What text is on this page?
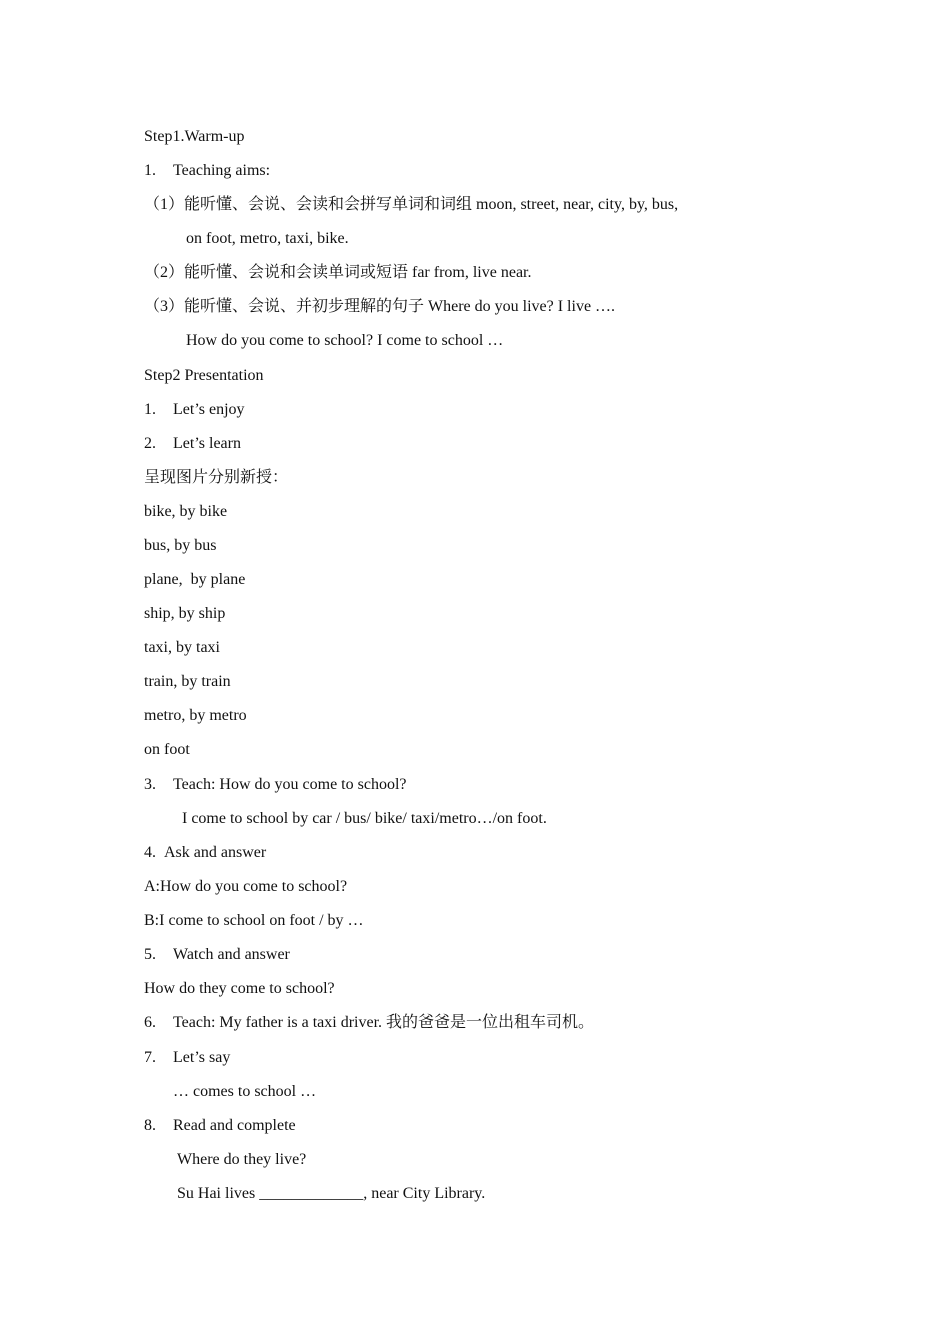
Step1.Warm-up
1. Teaching aims:
（1）能听懂、会说、会读和会拼写单词和词组 moon, street, near, city, by, bus,
on foot, metro, taxi, bike.
（2）能听懂、会说和会读单词或短语 far from, live near.
（3）能听懂、会说、并初步理解的句子 Where do you live? I live ….
How do you come to school? I come to school …
Step2 Presentation
1. Let’s enjoy
2. Let’s learn
呈现图片分别新授：
bike, by bike
bus, by bus
plane,  by plane
ship, by ship
taxi, by taxi
train, by train
metro, by metro
on foot
3. Teach: How do you come to school?
I come to school by car / bus/ bike/ taxi/metro…/on foot.
4. Ask and answer
A:How do you come to school?
B:I come to school on foot / by …
5. Watch and answer
How do they come to school?
6. Teach: My father is a taxi driver. 我的爸爸是一位出租车司机。
7. Let’s say
… comes to school …
8. Read and complete
Where do they live?
Su Hai lives _____________, near City Library.
